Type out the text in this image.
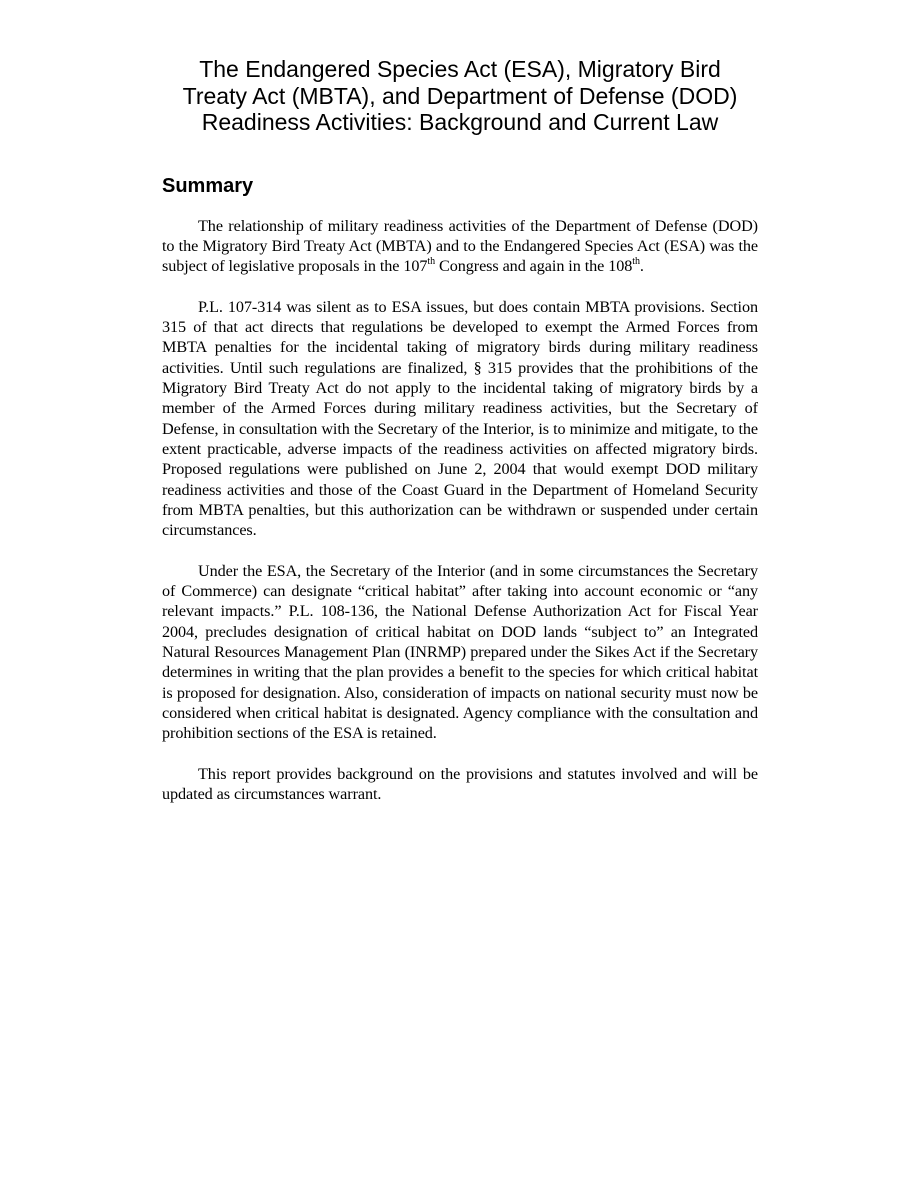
The Endangered Species Act (ESA), Migratory Bird
Treaty Act (MBTA), and Department of Defense (DOD)
Readiness Activities: Background and Current Law
Summary

The relationship of military readiness activities of the Department of Defense (DOD) to the Migratory Bird Treaty Act (MBTA) and to the Endangered Species Act (ESA) was the subject of legislative proposals in the 107th Congress and again in the 108th.

P.L. 107-314 was silent as to ESA issues, but does contain MBTA provisions. Section 315 of that act directs that regulations be developed to exempt the Armed Forces from MBTA penalties for the incidental taking of migratory birds during military readiness activities. Until such regulations are finalized, § 315 provides that the prohibitions of the Migratory Bird Treaty Act do not apply to the incidental taking of migratory birds by a member of the Armed Forces during military readiness activities, but the Secretary of Defense, in consultation with the Secretary of the Interior, is to minimize and mitigate, to the extent practicable, adverse impacts of the readiness activities on affected migratory birds. Proposed regulations were published on June 2, 2004 that would exempt DOD military readiness activities and those of the Coast Guard in the Department of Homeland Security from MBTA penalties, but this authorization can be withdrawn or suspended under certain circumstances.

Under the ESA, the Secretary of the Interior (and in some circumstances the Secretary of Commerce) can designate “critical habitat” after taking into account economic or “any relevant impacts.” P.L. 108-136, the National Defense Authorization Act for Fiscal Year 2004, precludes designation of critical habitat on DOD lands “subject to” an Integrated Natural Resources Management Plan (INRMP) prepared under the Sikes Act if the Secretary determines in writing that the plan provides a benefit to the species for which critical habitat is proposed for designation. Also, consideration of impacts on national security must now be considered when critical habitat is designated. Agency compliance with the consultation and prohibition sections of the ESA is retained.

This report provides background on the provisions and statutes involved and will be updated as circumstances warrant.
